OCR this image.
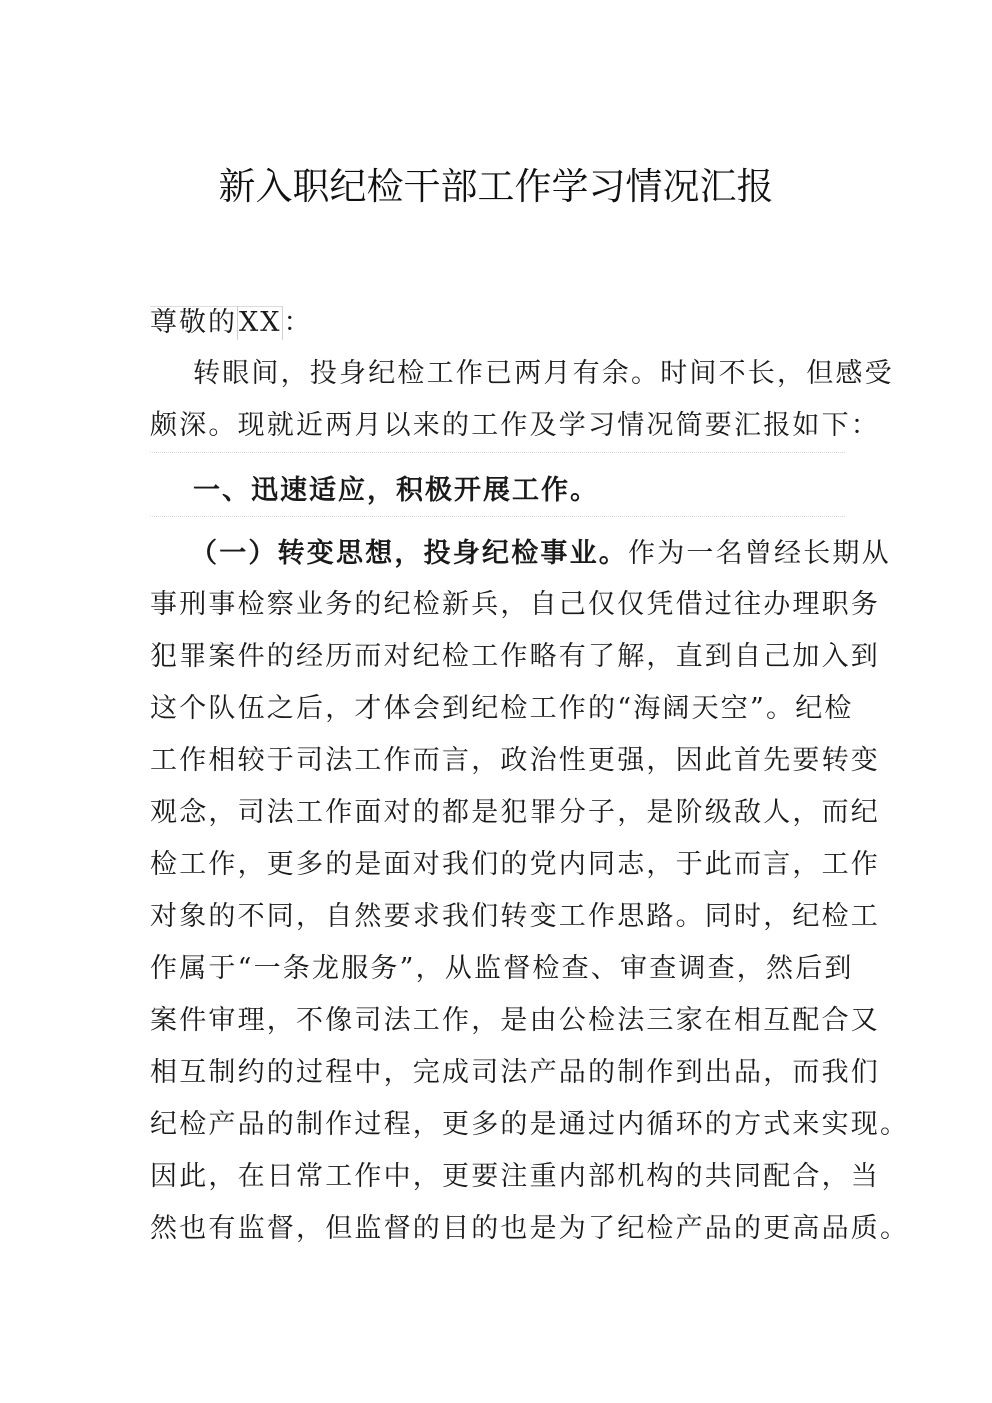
新入职纪检干部工作学习情况汇报
尊敬的XX：
转眼间，投身纪检工作已两月有余。时间不长，但感受
颇深。现就近两月以来的工作及学习情况简要汇报如下：
一、迅速适应，积极开展工作。
（一）转变思想，投身纪检事业。作为一名曾经长期从
事刑事检察业务的纪检新兵，自己仅仅凭借过往办理职务
犯罪案件的经历而对纪检工作略有了解，直到自己加入到
这个队伍之后，才体会到纪检工作的“海阔天空”。纪检
工作相较于司法工作而言，政治性更强，因此首先要转变
观念，司法工作面对的都是犯罪分子，是阶级敌人，而纪
检工作，更多的是面对我们的党内同志，于此而言，工作
对象的不同，自然要求我们转变工作思路。同时，纪检工
作属于“一条龙服务”，从监督检查、审查调查，然后到
案件审理，不像司法工作，是由公检法三家在相互配合又
相互制约的过程中，完成司法产品的制作到出品，而我们
纪检产品的制作过程，更多的是通过内循环的方式来实现。
因此，在日常工作中，更要注重内部机构的共同配合，当
然也有监督，但监督的目的也是为了纪检产品的更高品质。
